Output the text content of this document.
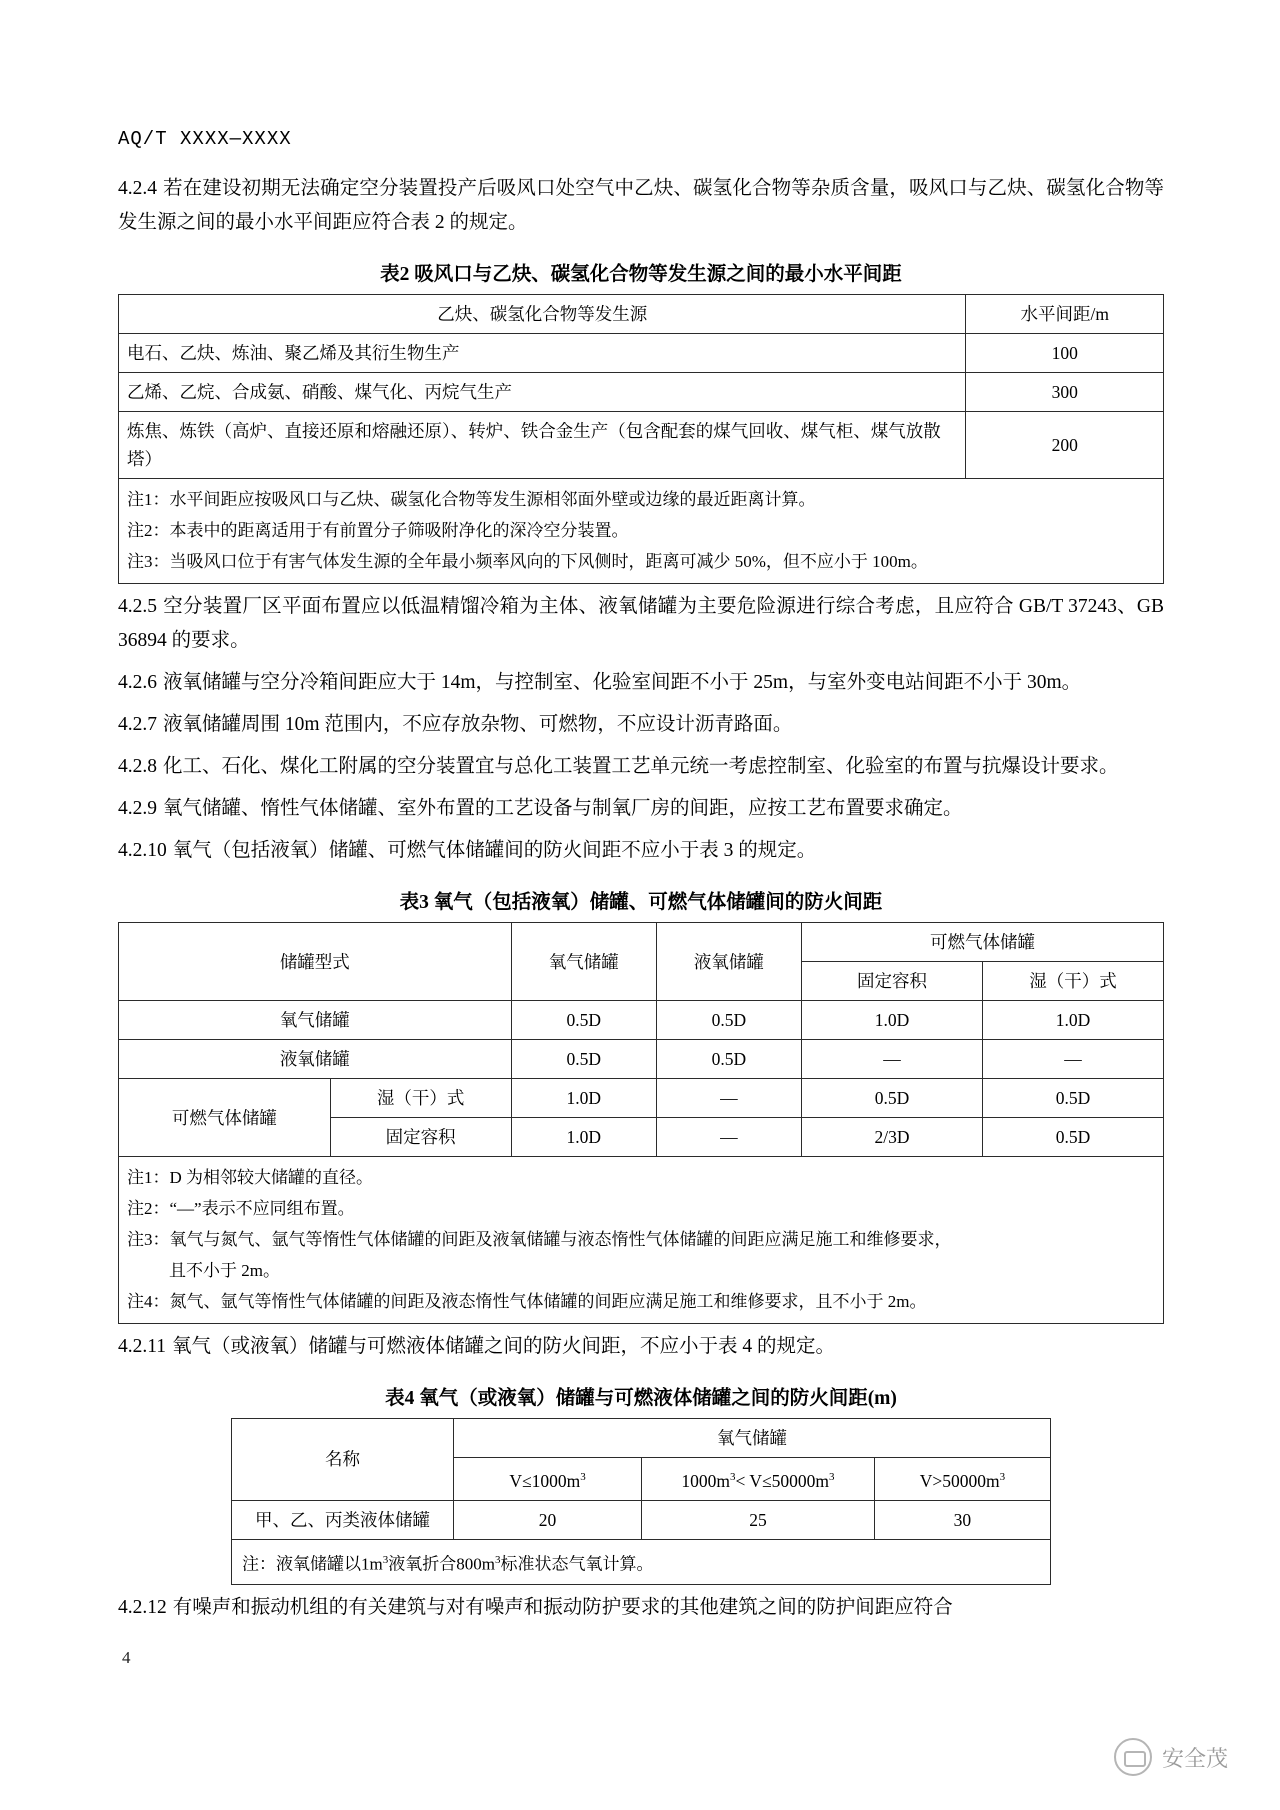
AQ/T XXXX—XXXX

4.2.4 若在建设初期无法确定空分装置投产后吸风口处空气中乙炔、碳氢化合物等杂质含量，吸风口与乙炔、碳氢化合物等发生源之间的最小水平间距应符合表 2 的规定。

表2 吸风口与乙炔、碳氢化合物等发生源之间的最小水平间距
乙炔、碳氢化合物等发生源	水平间距/m
电石、乙炔、炼油、聚乙烯及其衍生物生产	100
乙烯、乙烷、合成氨、硝酸、煤气化、丙烷气生产	300
炼焦、炼铁（高炉、直接还原和熔融还原）、转炉、铁合金生产（包含配套的煤气回收、煤气柜、煤气放散塔）	200

注1：水平间距应按吸风口与乙炔、碳氢化合物等发生源相邻面外壁或边缘的最近距离计算。
注2：本表中的距离适用于有前置分子筛吸附净化的深冷空分装置。
注3：当吸风口位于有害气体发生源的全年最小频率风向的下风侧时，距离可减少 50%，但不应小于 100m。	

4.2.5 空分装置厂区平面布置应以低温精馏冷箱为主体、液氧储罐为主要危险源进行综合考虑，且应符合 GB/T 37243、GB 36894 的要求。

4.2.6 液氧储罐与空分冷箱间距应大于 14m，与控制室、化验室间距不小于 25m，与室外变电站间距不小于 30m。

4.2.7 液氧储罐周围 10m 范围内，不应存放杂物、可燃物，不应设计沥青路面。

4.2.8 化工、石化、煤化工附属的空分装置宜与总化工装置工艺单元统一考虑控制室、化验室的布置与抗爆设计要求。

4.2.9 氧气储罐、惰性气体储罐、室外布置的工艺设备与制氧厂房的间距，应按工艺布置要求确定。

4.2.10 氧气（包括液氧）储罐、可燃气体储罐间的防火间距不应小于表 3 的规定。

表3 氧气（包括液氧）储罐、可燃气体储罐间的防火间距
储罐型式		氧气储罐	液氧储罐	可燃气体储罐	
				固定容积	湿（干）式
氧气储罐		0.5D	0.5D	1.0D	1.0D
液氧储罐		0.5D	0.5D	—	—
可燃气体储罐	湿（干）式	1.0D	—	0.5D	0.5D
	固定容积	1.0D	—	2/3D	0.5D

注1：D 为相邻较大储罐的直径。
注2：“—”表示不应同组布置。
注3：氧气与氮气、氩气等惰性气体储罐的间距及液氧储罐与液态惰性气体储罐的间距应满足施工和维修要求，
且不小于 2m。
注4：氮气、氩气等惰性气体储罐的间距及液态惰性气体储罐的间距应满足施工和维修要求，且不小于 2m。					

4.2.11 氧气（或液氧）储罐与可燃液体储罐之间的防火间距，不应小于表 4 的规定。

表4 氧气（或液氧）储罐与可燃液体储罐之间的防火间距(m)
名称	氧气储罐		
	$V\le 1000m^3$	$1000m^3< V\le 50000m^3$	$V>50000m^3$
甲、乙、丙类液体储罐	20	25	30
注：液氧储罐以$1m^3$液氧折合$800m^3$标准状态气氧计算。			

4.2.12 有噪声和振动机组的有关建筑与对有噪声和振动防护要求的其他建筑之间的防护间距应符合

4
安全茂
